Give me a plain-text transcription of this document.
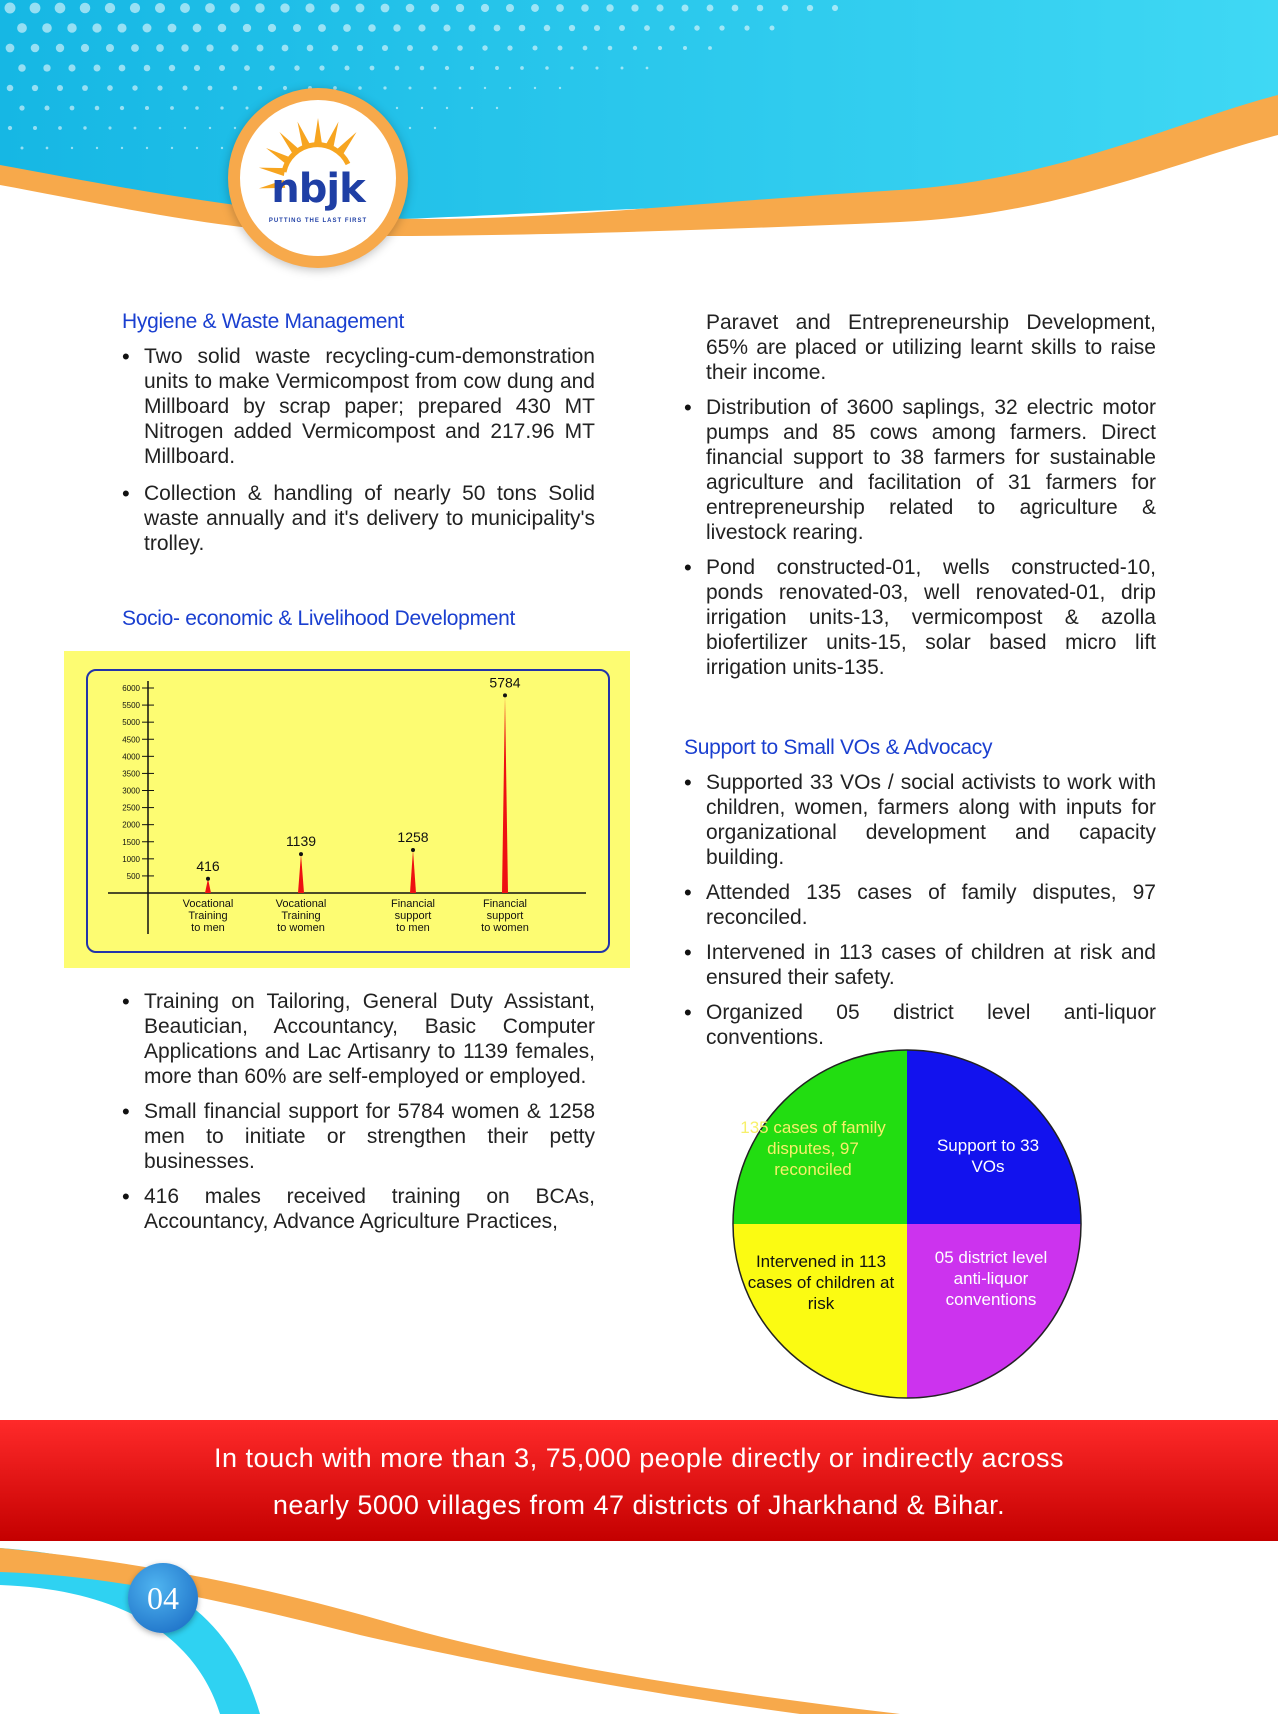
nbjk
PUTTING THE LAST FIRST
Hygiene & Waste Management
• Two solid waste recycling-cum-demonstration units to make Vermicompost from cow dung and Millboard by scrap paper; prepared 430 MT Nitrogen added Vermicompost and 217.96 MT Millboard.
• Collection & handling of nearly 50 tons Solid waste annually and it's delivery to municipality's trolley.
Socio- economic & Livelihood Development
500
1000
1500
2000
2500
3000
3500
4000
4500
5000
5500
6000
416
Vocational
Training
to men
1139
Vocational
Training
to women
1258
Financial
support
to men
5784
Financial
support
to women
• Training on Tailoring, General Duty Assistant, Beautician, Accountancy, Basic Computer Applications and Lac Artisanry to 1139 females, more than 60% are self-employed or employed.
• Small financial support for 5784 women & 1258 men to initiate or strengthen their petty businesses.
• 416 males received training on BCAs, Accountancy, Advance Agriculture Practices,

Paravet and Entrepreneurship Development, 65% are placed or utilizing learnt skills to raise their income.

• Distribution of 3600 saplings, 32 electric motor pumps and 85 cows among farmers. Direct financial support to 38 farmers for sustainable agriculture and facilitation of 31 farmers for entrepreneurship related to agriculture & livestock rearing.
• Pond constructed-01, wells constructed-10, ponds renovated-03, well renovated-01, drip irrigation units-13, vermicompost & azolla biofertilizer units-15, solar based micro lift irrigation units-135.
Support to Small VOs & Advocacy
• Supported 33 VOs / social activists to work with children, women, farmers along with inputs for organizational development and capacity building.
• Attended 135 cases of family disputes, 97 reconciled.
• Intervened in 113 cases of children at risk and ensured their safety.
• Organized 05 district level anti-liquor conventions.
135 cases of family disputes, 97 reconciled
Support to 33 VOs
05 district level anti-liquor conventions
Intervened in 113 cases of children at risk
In touch with more than 3, 75,000 people directly or indirectly across
nearly 5000 villages from 47 districts of Jharkhand & Bihar.
04
